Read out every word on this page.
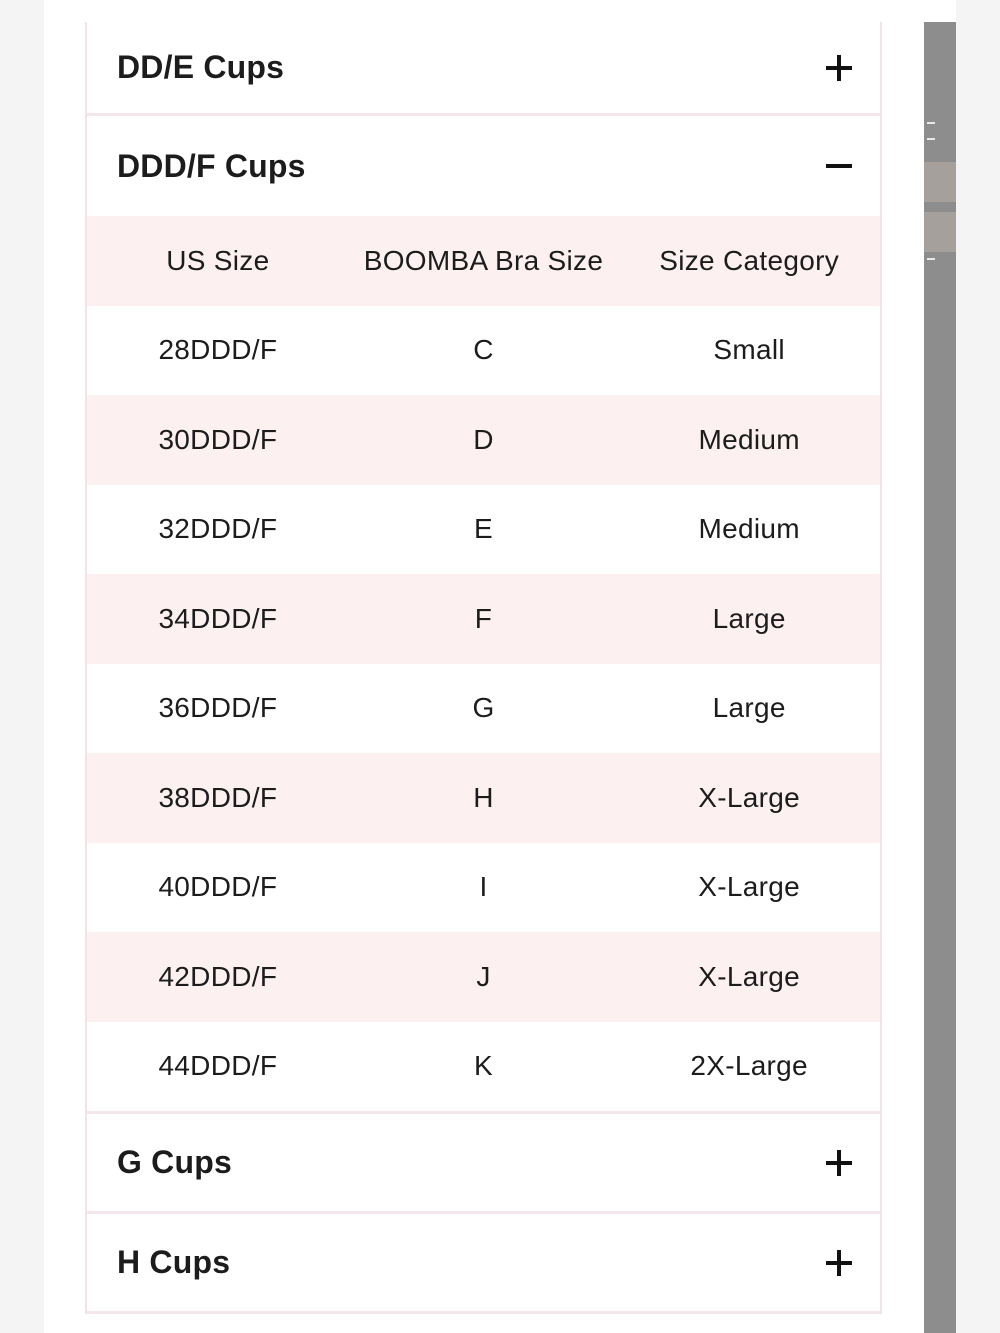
DD/E Cups
DDD/F Cups
US Size	BOOMBA Bra Size	Size Category
28DDD/F	C	Small
30DDD/F	D	Medium
32DDD/F	E	Medium
34DDD/F	F	Large
36DDD/F	G	Large
38DDD/F	H	X-Large
40DDD/F	I	X-Large
42DDD/F	J	X-Large
44DDD/F	K	2X-Large
G Cups
H Cups
